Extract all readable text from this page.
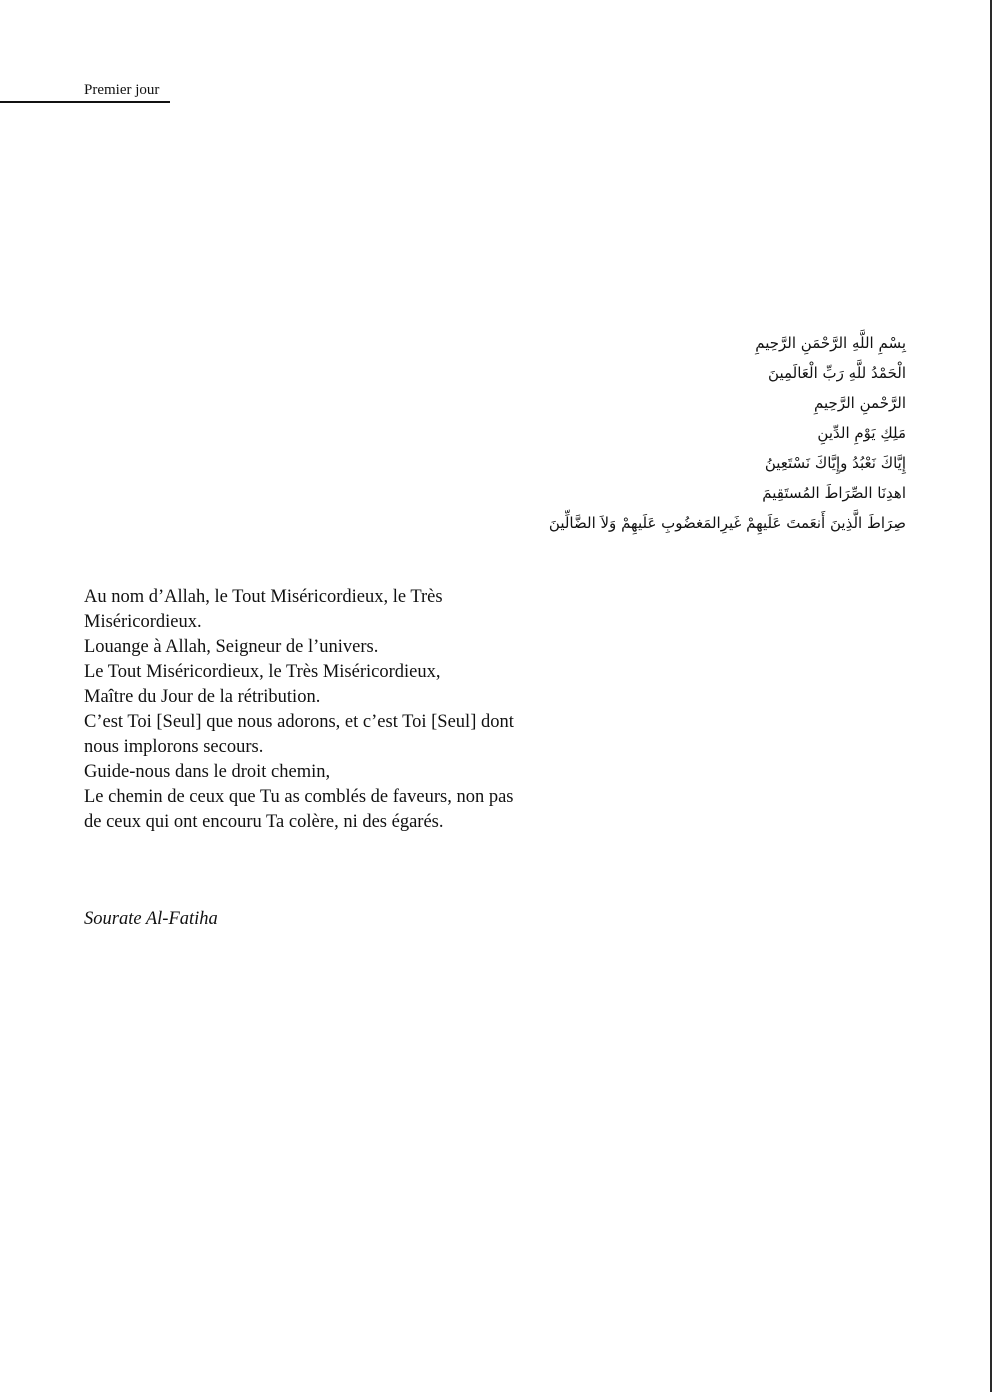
Premier jour
بِسْمِ اللَّهِ الرَّحْمَنِ الرَّحِيمِ
الْحَمْدُ للَّهِ رَبِّ الْعَالَمِينَ
الرَّحْمنِ الرَّحِيمِ
مَلِكِ يَوْمِ الدِّينِ
إِيَّاكَ نَعْبُدُ وإِيَّاكَ نَسْتَعِينُ
اهدِنَا الصِّرَاطَ المُستَقِيمَ
صِرَاطَ الَّذِينَ أَنعَمتَ عَلَيهِمْ غَيرِالمَغضُوبِ عَلَيهِمْ وَلاَ الضَّالِّينَ
Au nom d’Allah, le Tout Miséricordieux, le Très
Miséricordieux.
Louange à Allah, Seigneur de l’univers.
Le Tout Miséricordieux, le Très Miséricordieux,
Maître du Jour de la rétribution.
C’est Toi [Seul] que nous adorons, et c’est Toi [Seul] dont
nous implorons secours.
Guide-nous dans le droit chemin,
Le chemin de ceux que Tu as comblés de faveurs, non pas
de ceux qui ont encouru Ta colère, ni des égarés.
Sourate Al-Fatiha
